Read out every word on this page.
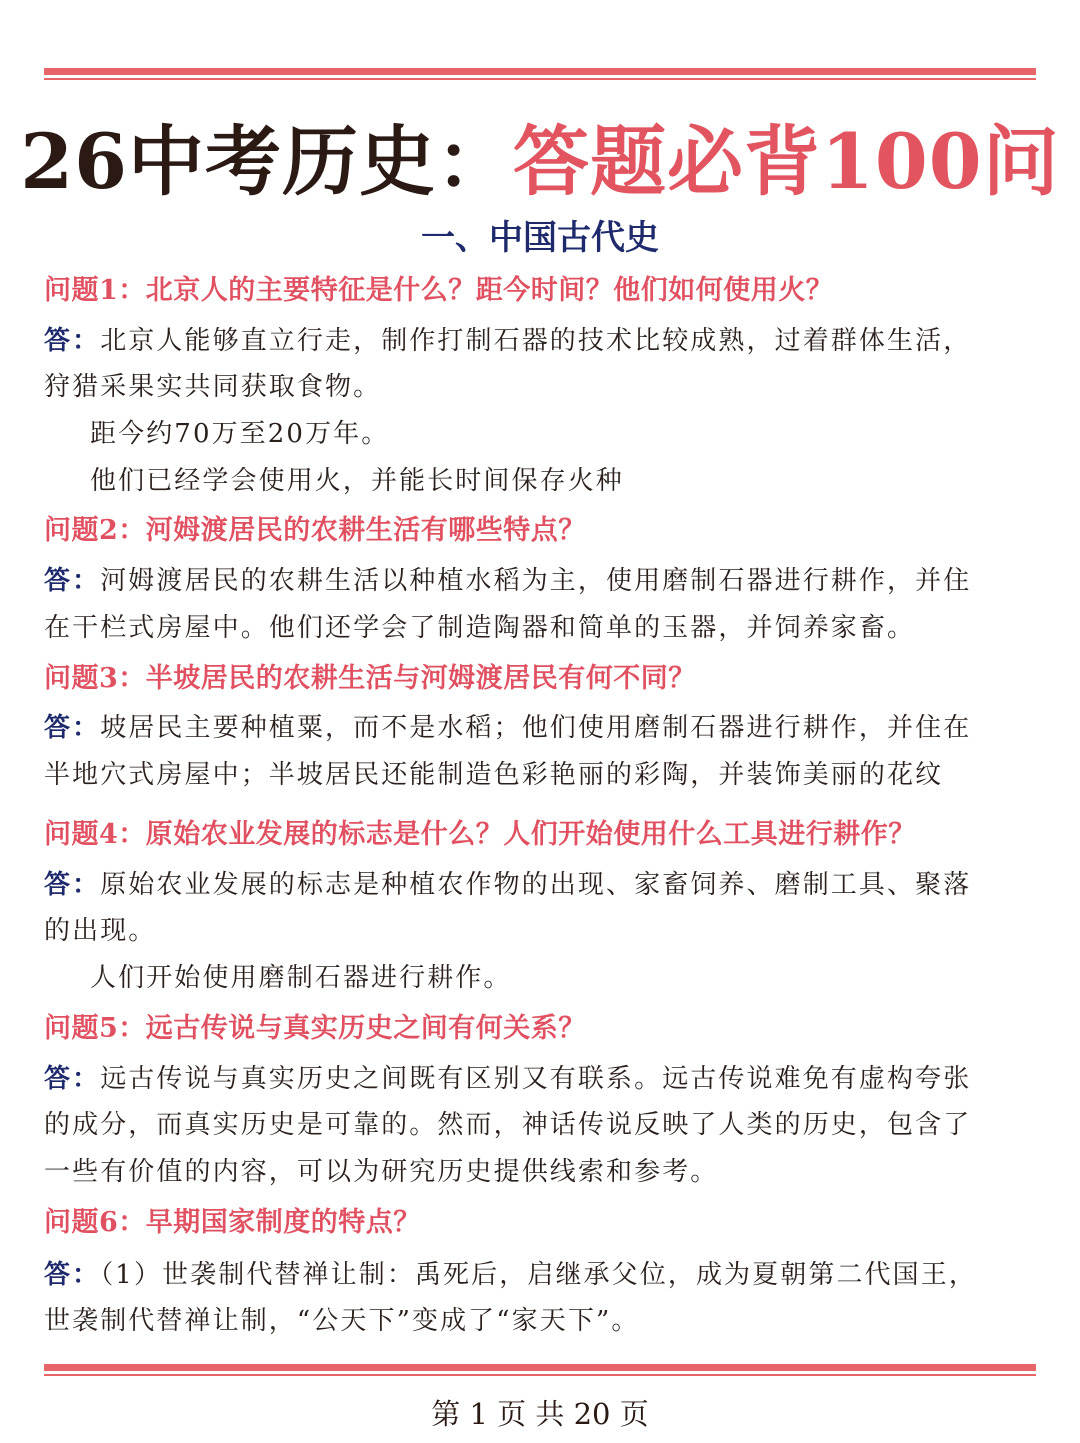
26中考历史：答题必背100问
一、中国古代史
问题1：北京人的主要特征是什么？距今时间？他们如何使用火？
答：北京人能够直立行走，制作打制石器的技术比较成熟，过着群体生活，
狩猎采果实共同获取食物。
距今约70万至20万年。
他们已经学会使用火，并能长时间保存火种
问题2：河姆渡居民的农耕生活有哪些特点？
答：河姆渡居民的农耕生活以种植水稻为主，使用磨制石器进行耕作，并住
在干栏式房屋中。他们还学会了制造陶器和简单的玉器，并饲养家畜。
问题3：半坡居民的农耕生活与河姆渡居民有何不同？
答：坡居民主要种植粟，而不是水稻；他们使用磨制石器进行耕作，并住在
半地穴式房屋中；半坡居民还能制造色彩艳丽的彩陶，并装饰美丽的花纹
问题4：原始农业发展的标志是什么？人们开始使用什么工具进行耕作？
答：原始农业发展的标志是种植农作物的出现、家畜饲养、磨制工具、聚落
的出现。
人们开始使用磨制石器进行耕作。
问题5：远古传说与真实历史之间有何关系？
答：远古传说与真实历史之间既有区别又有联系。远古传说难免有虚构夸张
的成分，而真实历史是可靠的。然而，神话传说反映了人类的历史，包含了
一些有价值的内容，可以为研究历史提供线索和参考。
问题6：早期国家制度的特点？
答：（1）世袭制代替禅让制：禹死后，启继承父位，成为夏朝第二代国王，
世袭制代替禅让制，“公天下”变成了“家天下”。
第 1 页 共 20 页
